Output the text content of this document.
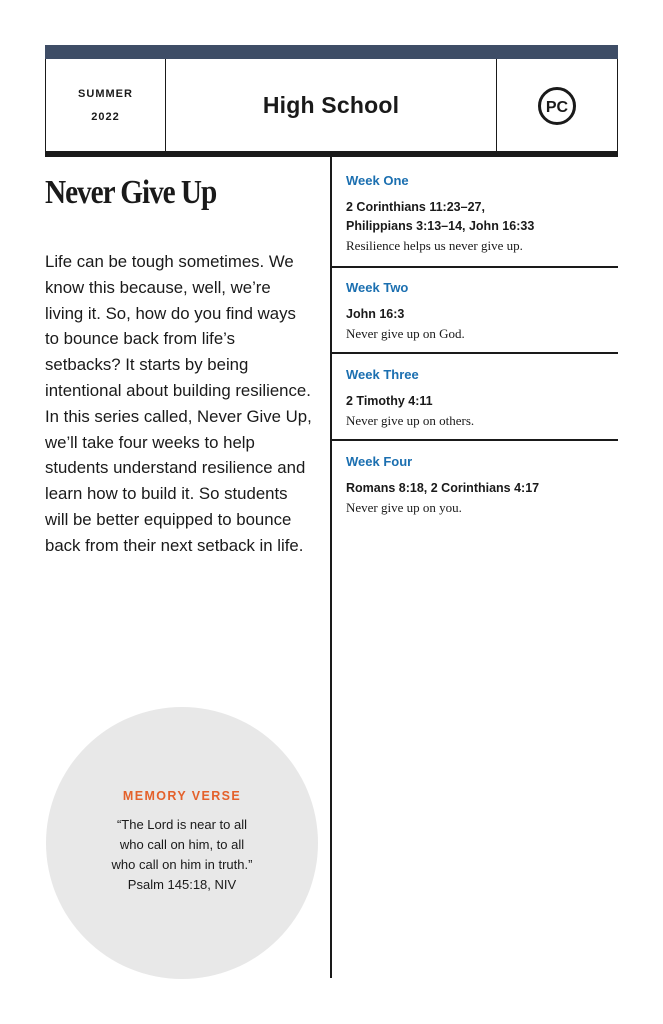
SUMMER
2022	High School	PC
Never Give Up

Life can be tough sometimes. We know this because, well, we’re living it. So, how do you find ways to bounce back from life’s setbacks? It starts by being intentional about building resilience. In this series called, Never Give Up, we’ll take four weeks to help students understand resilience and learn how to build it. So students will be better equipped to bounce back from their next setback in life.

MEMORY VERSE
“The Lord is near to all
who call on him, to all
who call on him in truth.”
Psalm 145:18, NIV
Week One
2 Corinthians 11:23–27,
Philippians 3:13–14, John 16:33
Resilience helps us never give up.
Week Two
John 16:3
Never give up on God.
Week Three
2 Timothy 4:11
Never give up on others.
Week Four
Romans 8:18, 2 Corinthians 4:17
Never give up on you.
